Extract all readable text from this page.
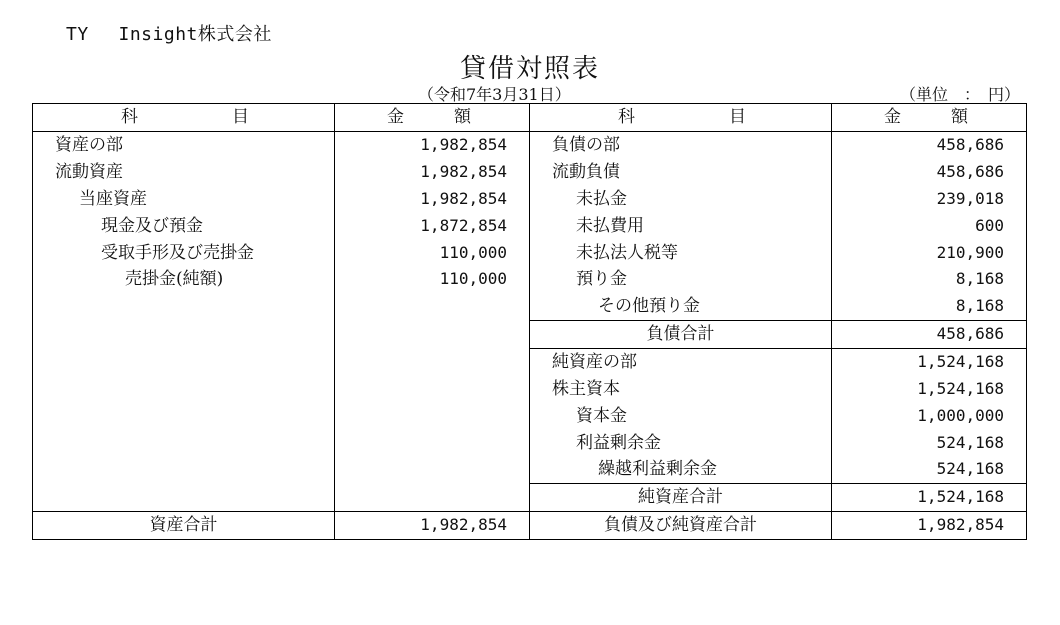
TY　 Insight株式会社
貸借対照表
（令和7年3月31日）	（単位　：　円）
科 目	金 額	科 目	金 額

資産の部	1,982,854	負債の部	458,686
流動資産	1,982,854	流動負債	458,686
当座資産	1,982,854	未払金	239,018
現金及び預金	1,872,854	未払費用	600
受取手形及び売掛金	110,000	未払法人税等	210,900
売掛金(純額)	110,000	預り金	8,168
		その他預り金	8,168
		負債合計	458,686
		純資産の部	1,524,168
		株主資本	1,524,168
		資本金	1,000,000
		利益剰余金	524,168
		繰越利益剰余金	524,168
		純資産合計	1,524,168
資産合計	1,982,854	負債及び純資産合計	1,982,854
